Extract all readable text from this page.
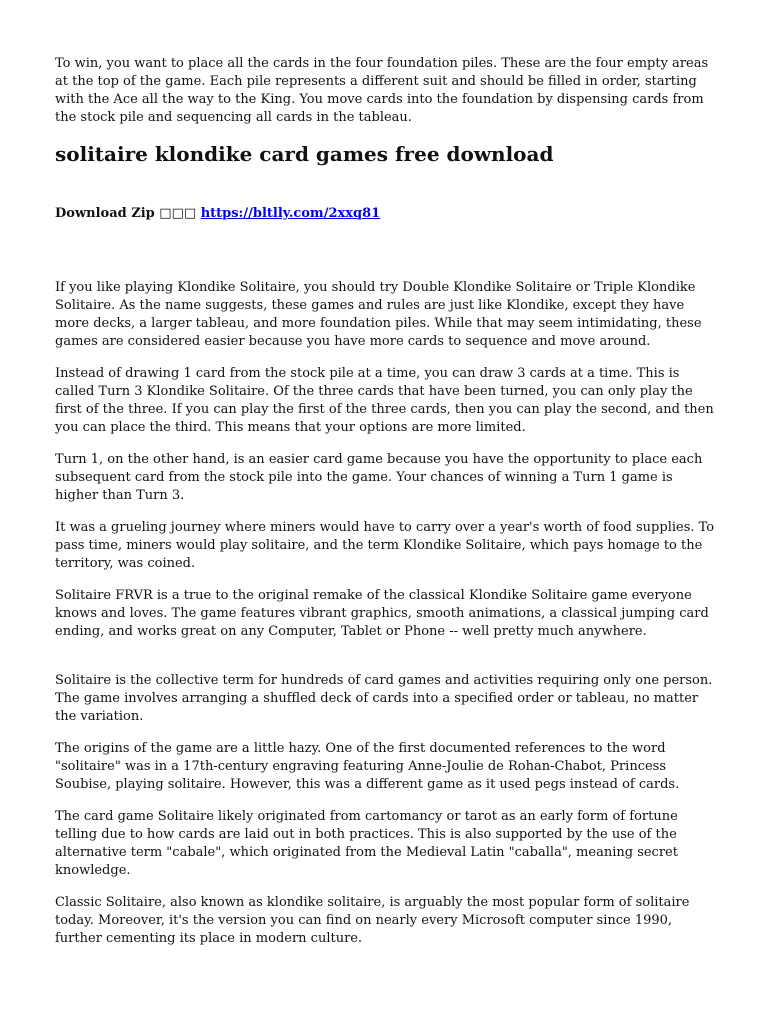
To win, you want to place all the cards in the four foundation piles. These are the four empty areas at the top of the game. Each pile represents a different suit and should be filled in order, starting with the Ace all the way to the King. You move cards into the foundation by dispensing cards from the stock pile and sequencing all cards in the tableau.

solitaire klondike card games free download
Download Zip □□□ https://bltlly.com/2xxq81

If you like playing Klondike Solitaire, you should try Double Klondike Solitaire or Triple Klondike Solitaire. As the name suggests, these games and rules are just like Klondike, except they have more decks, a larger tableau, and more foundation piles. While that may seem intimidating, these games are considered easier because you have more cards to sequence and move around.

Instead of drawing 1 card from the stock pile at a time, you can draw 3 cards at a time. This is called Turn 3 Klondike Solitaire. Of the three cards that have been turned, you can only play the first of the three. If you can play the first of the three cards, then you can play the second, and then you can place the third. This means that your options are more limited.

Turn 1, on the other hand, is an easier card game because you have the opportunity to place each subsequent card from the stock pile into the game. Your chances of winning a Turn 1 game is higher than Turn 3.

It was a grueling journey where miners would have to carry over a year's worth of food supplies. To pass time, miners would play solitaire, and the term Klondike Solitaire, which pays homage to the territory, was coined.

Solitaire FRVR is a true to the original remake of the classical Klondike Solitaire game everyone knows and loves. The game features vibrant graphics, smooth animations, a classical jumping card ending, and works great on any Computer, Tablet or Phone -- well pretty much anywhere.

Solitaire is the collective term for hundreds of card games and activities requiring only one person. The game involves arranging a shuffled deck of cards into a specified order or tableau, no matter the variation.

The origins of the game are a little hazy. One of the first documented references to the word "solitaire" was in a 17th-century engraving featuring Anne-Joulie de Rohan-Chabot, Princess Soubise, playing solitaire. However, this was a different game as it used pegs instead of cards.

The card game Solitaire likely originated from cartomancy or tarot as an early form of fortune telling due to how cards are laid out in both practices. This is also supported by the use of the alternative term "cabale", which originated from the Medieval Latin "caballa", meaning secret knowledge.

Classic Solitaire, also known as klondike solitaire, is arguably the most popular form of solitaire today. Moreover, it's the version you can find on nearly every Microsoft computer since 1990, further cementing its place in modern culture.
